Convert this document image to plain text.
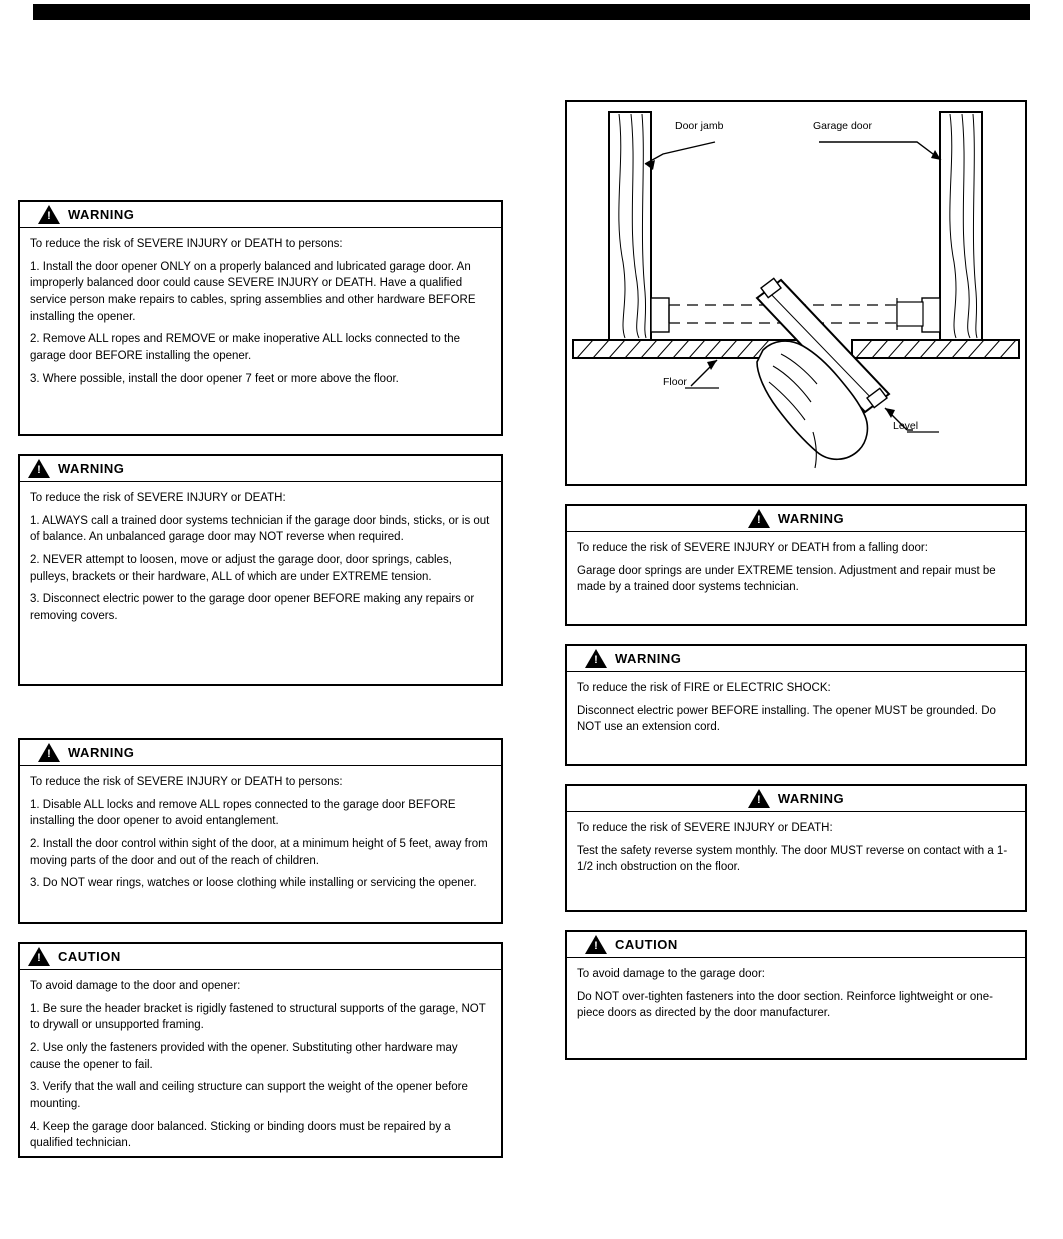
!
WARNING

To reduce the risk of SEVERE INJURY or DEATH to persons:

1. Install the door opener ONLY on a properly balanced and lubricated garage door. An improperly balanced door could cause SEVERE INJURY or DEATH. Have a qualified service person make repairs to cables, spring assemblies and other hardware BEFORE installing the opener.

2. Remove ALL ropes and REMOVE or make inoperative ALL locks connected to the garage door BEFORE installing the opener.

3. Where possible, install the door opener 7 feet or more above the floor.

!
WARNING

To reduce the risk of SEVERE INJURY or DEATH:

1. ALWAYS call a trained door systems technician if the garage door binds, sticks, or is out of balance. An unbalanced garage door may NOT reverse when required.

2. NEVER attempt to loosen, move or adjust the garage door, door springs, cables, pulleys, brackets or their hardware, ALL of which are under EXTREME tension.

3. Disconnect electric power to the garage door opener BEFORE making any repairs or removing covers.

!
WARNING

To reduce the risk of SEVERE INJURY or DEATH to persons:

1. Disable ALL locks and remove ALL ropes connected to the garage door BEFORE installing the door opener to avoid entanglement.

2. Install the door control within sight of the door, at a minimum height of 5 feet, away from moving parts of the door and out of the reach of children.

3. Do NOT wear rings, watches or loose clothing while installing or servicing the opener.

!
CAUTION

To avoid damage to the door and opener:

1. Be sure the header bracket is rigidly fastened to structural supports of the garage, NOT to drywall or unsupported framing.

2. Use only the fasteners provided with the opener. Substituting other hardware may cause the opener to fail.

3. Verify that the wall and ceiling structure can support the weight of the opener before mounting.

4. Keep the garage door balanced. Sticking or binding doors must be repaired by a qualified technician.

Door jamb	Garage door
Floor
Level
!
WARNING

To reduce the risk of SEVERE INJURY or DEATH from a falling door:

Garage door springs are under EXTREME tension. Adjustment and repair must be made by a trained door systems technician.

!
WARNING

To reduce the risk of FIRE or ELECTRIC SHOCK:

Disconnect electric power BEFORE installing. The opener MUST be grounded. Do NOT use an extension cord.

!
WARNING

To reduce the risk of SEVERE INJURY or DEATH:

Test the safety reverse system monthly. The door MUST reverse on contact with a 1-1/2 inch obstruction on the floor.

!
CAUTION

To avoid damage to the garage door:

Do NOT over-tighten fasteners into the door section. Reinforce lightweight or one-piece doors as directed by the door manufacturer.
